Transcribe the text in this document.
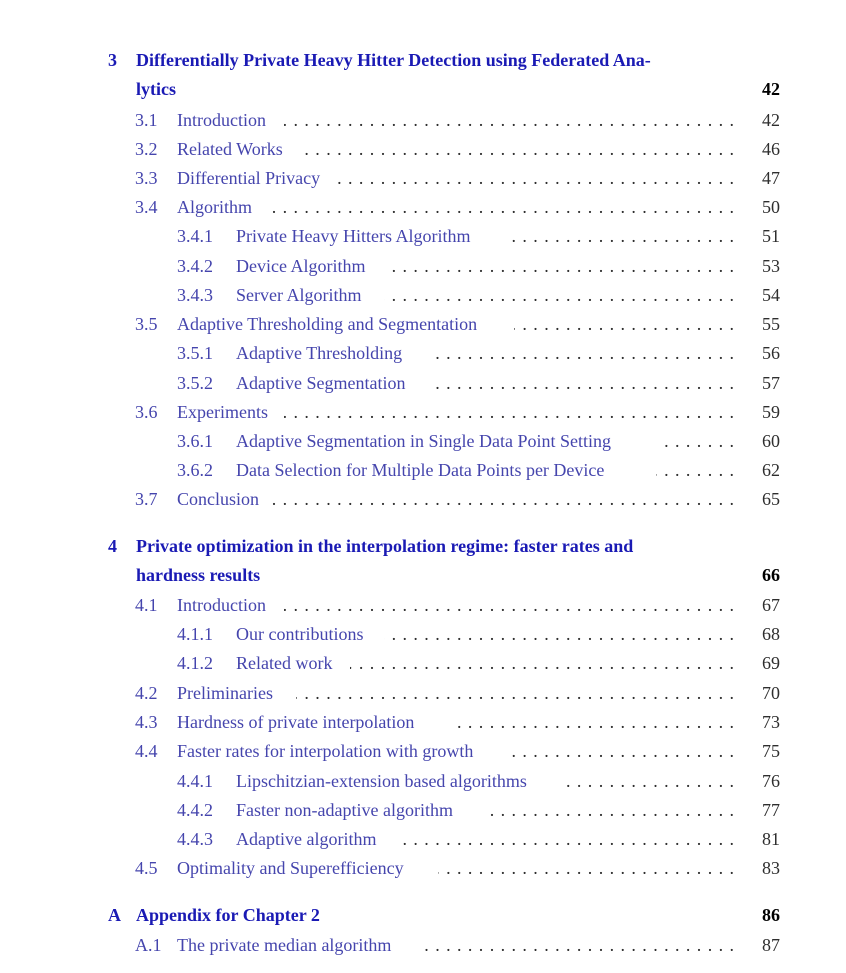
3 Differentially Private Heavy Hitter Detection using Federated Ana-
lytics	42
3.1 Introduction . . .	42
3.2 Related Works . . .	46
3.3 Differential Privacy . . .	47
3.4 Algorithm . . .	50
3.4.1 Private Heavy Hitters Algorithm . . .	51
3.4.2 Device Algorithm . . .	53
3.4.3 Server Algorithm . . .	54
3.5 Adaptive Thresholding and Segmentation . . .	55
3.5.1 Adaptive Thresholding . . .	56
3.5.2 Adaptive Segmentation . . .	57
3.6 Experiments . . .	59
3.6.1 Adaptive Segmentation in Single Data Point Setting . . .	60
3.6.2 Data Selection for Multiple Data Points per Device . . .	62
3.7 Conclusion . . .	65
4 Private optimization in the interpolation regime: faster rates and
hardness results	66
4.1 Introduction . . .	67
4.1.1 Our contributions . . .	68
4.1.2 Related work . . .	69
4.2 Preliminaries . . .	70
4.3 Hardness of private interpolation . . .	73
4.4 Faster rates for interpolation with growth . . .	75
4.4.1 Lipschitzian-extension based algorithms . . .	76
4.4.2 Faster non-adaptive algorithm . . .	77
4.4.3 Adaptive algorithm . . .	81
4.5 Optimality and Superefficiency . . .	83
A Appendix for Chapter 2	86
A.1 The private median algorithm . . .	87
